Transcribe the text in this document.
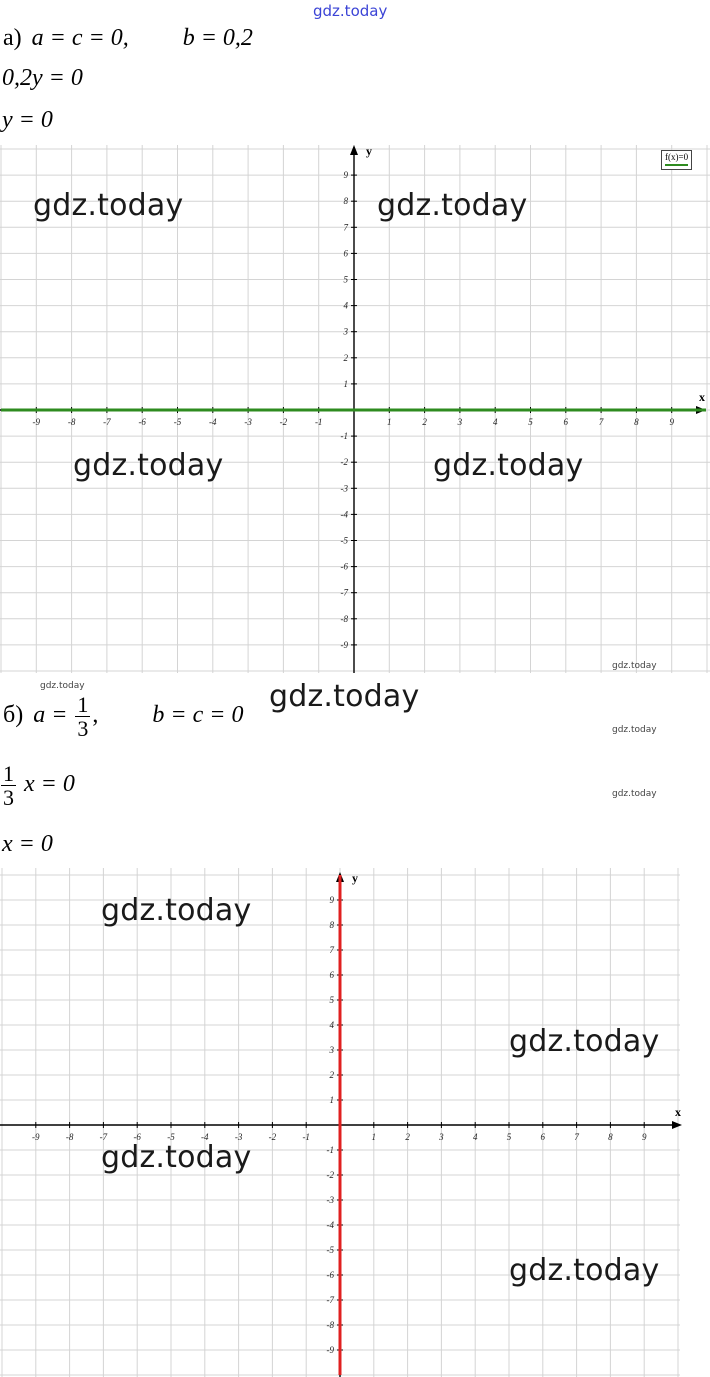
gdz.today
а) a = c = 0, b = 0,2
0,2y = 0
y = 0
x
y
-9	-8	-7	-6	-5	-4	-3	-2	-1	1	2	3	4	5	6	7	8	9
-9
-8
-7
-6
-5
-4
-3
-2
-1
1
2
3
4
5
6
7
8
9
f(x)=0
gdz.today	gdz.today
gdz.today	gdz.today
gdz.today
gdz.today	gdz.today
gdz.today
gdz.today
б) $a = \frac{1}{3}$ , b = c = 0
$\frac{1}{3}$ x = 0
x = 0
x
y
-9	-8	-7	-6	-5	-4	-3	-2	-1	1	2	3	4	5	6	7	8	9
-9
-8
-7
-6
-5
-4
-3
-2
-1
1
2
3
4
5
6
7
8
9
gdz.today
gdz.today
gdz.today
gdz.today
